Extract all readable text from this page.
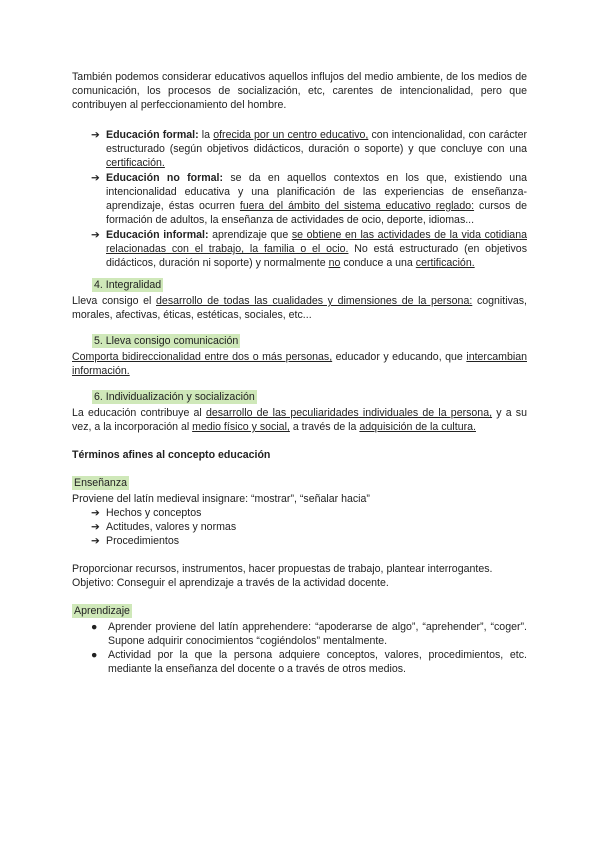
También podemos considerar educativos aquellos influjos del medio ambiente, de los medios de comunicación, los procesos de socialización, etc, carentes de intencionalidad, pero que contribuyen al perfeccionamiento del hombre.

➔ Educación formal: la ofrecida por un centro educativo, con intencionalidad, con carácter estructurado (según objetivos didácticos, duración o soporte) y que concluye con una certificación.
➔ Educación no formal: se da en aquellos contextos en los que, existiendo una intencionalidad educativa y una planificación de las experiencias de enseñanza-aprendizaje, éstas ocurren fuera del ámbito del sistema educativo reglado: cursos de formación de adultos, la enseñanza de actividades de ocio, deporte, idiomas...
➔ Educación informal: aprendizaje que se obtiene en las actividades de la vida cotidiana relacionadas con el trabajo, la familia o el ocio. No está estructurado (en objetivos didácticos, duración ni soporte) y normalmente no conduce a una certificación.
4. Integralidad

Lleva consigo el desarrollo de todas las cualidades y dimensiones de la persona: cognitivas, morales, afectivas, éticas, estéticas, sociales, etc...

5. Lleva consigo comunicación

Comporta bidireccionalidad entre dos o más personas, educador y educando, que intercambian información.

6. Individualización y socialización

La educación contribuye al desarrollo de las peculiaridades individuales de la persona, y a su vez, a la incorporación al medio físico y social, a través de la adquisición de la cultura.

Términos afines al concepto educación

Enseñanza

Proviene del latín medieval insignare: “mostrar”, “señalar hacia”

➔ Hechos y conceptos
➔ Actitudes, valores y normas
➔ Procedimientos

Proporcionar recursos, instrumentos, hacer propuestas de trabajo, plantear interrogantes.

Objetivo: Conseguir el aprendizaje a través de la actividad docente.

Aprendizaje
● Aprender proviene del latín apprehendere: “apoderarse de algo”, “aprehender”, “coger”. Supone adquirir conocimientos “cogiéndolos” mentalmente.
● Actividad por la que la persona adquiere conceptos, valores, procedimientos, etc. mediante la enseñanza del docente o a través de otros medios.
